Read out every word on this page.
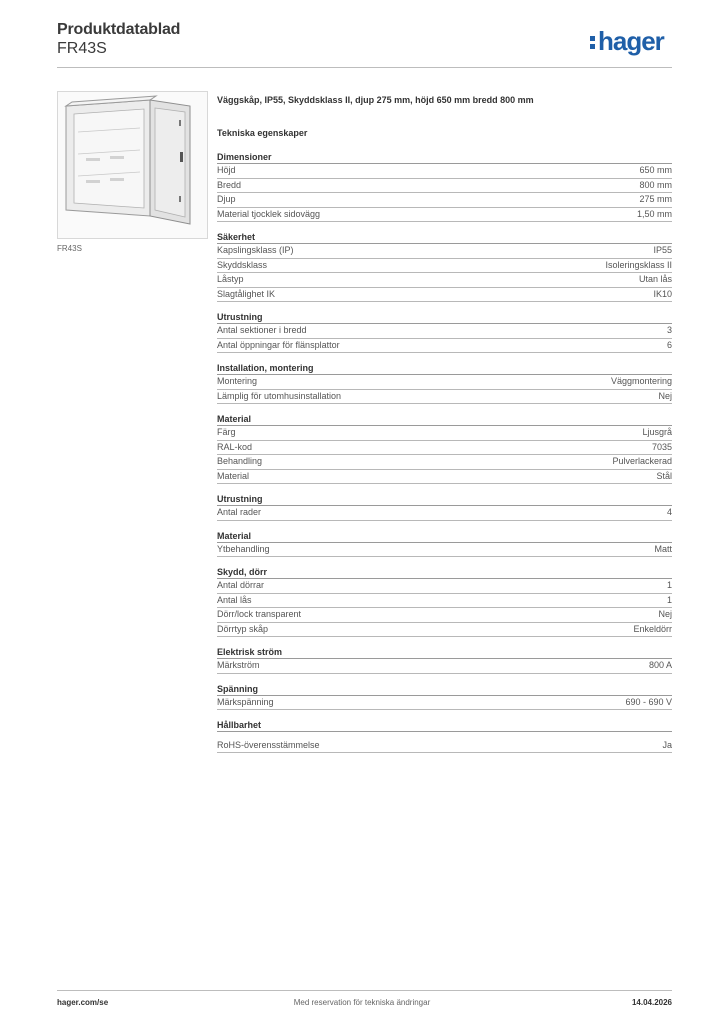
Produktdatablad
FR43S	hager
FR43S
Väggskåp, IP55, Skyddsklass II, djup 275 mm, höjd 650 mm bredd 800 mm
Tekniska egenskaper
Dimensioner
Höjd	650 mm
Bredd	800 mm
Djup	275 mm
Material tjocklek sidovägg	1,50 mm
Säkerhet
Kapslingsklass (IP)	IP55
Skyddsklass	Isoleringsklass II
Låstyp	Utan lås
Slagtålighet IK	IK10
Utrustning
Antal sektioner i bredd	3
Antal öppningar för flänsplattor	6
Installation, montering
Montering	Väggmontering
Lämplig för utomhusinstallation	Nej
Material
Färg	Ljusgrå
RAL-kod	7035
Behandling	Pulverlackerad
Material	Stål
Utrustning
Antal rader	4
Material
Ytbehandling	Matt
Skydd, dörr
Antal dörrar	1
Antal lås	1
Dörr/lock transparent	Nej
Dörrtyp skåp	Enkeldörr
Elektrisk ström
Märkström	800 A
Spänning
Märkspänning	690 - 690 V
Hållbarhet
RoHS-överensstämmelse	Ja
hager.com/se	Med reservation för tekniska ändringar	14.04.2026
